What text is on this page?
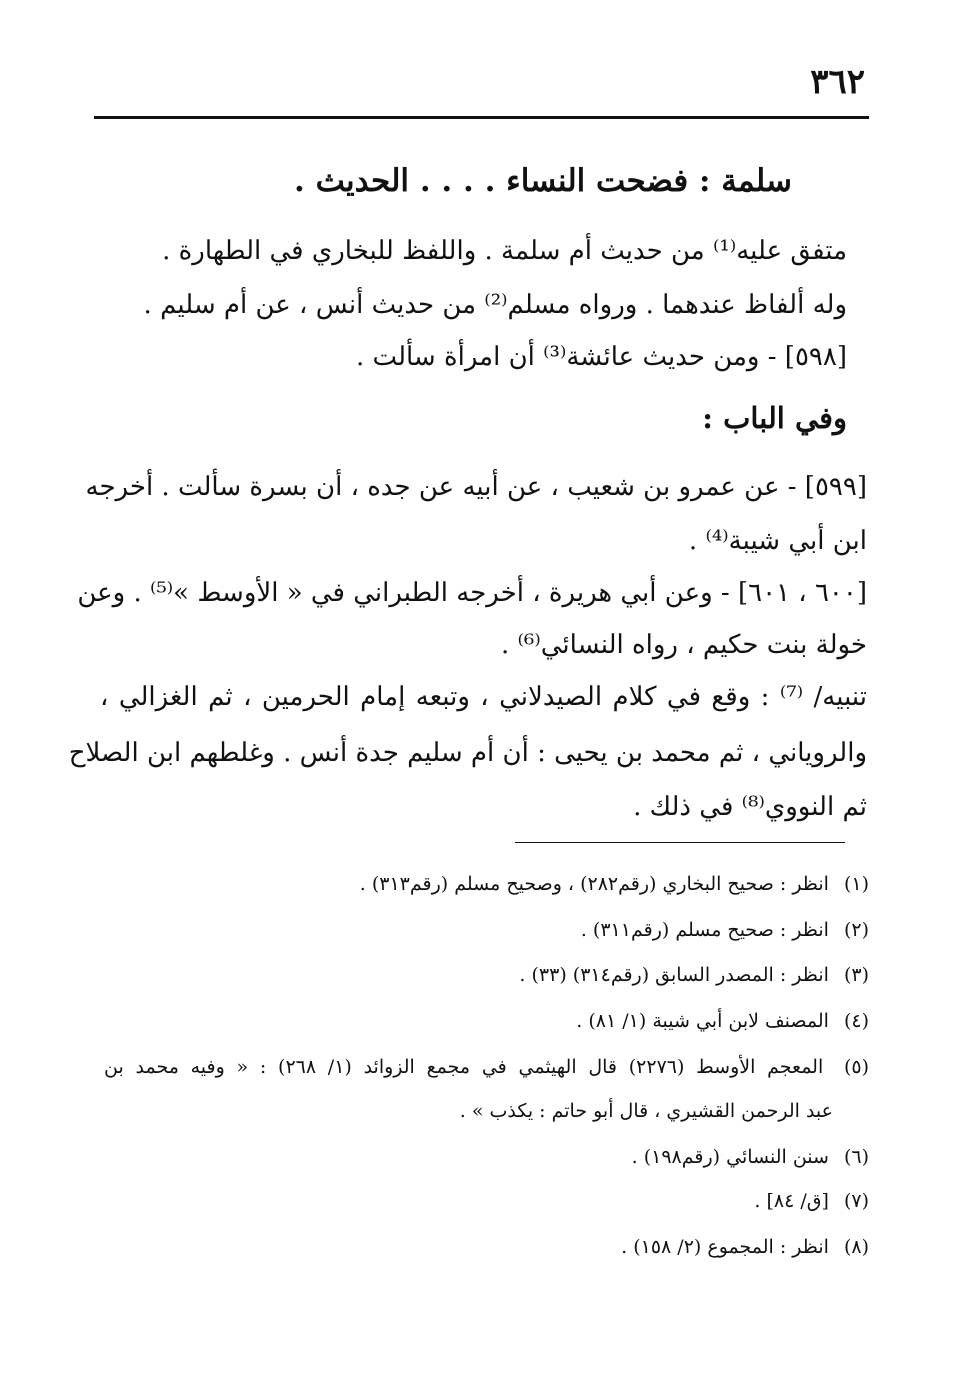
٣٦٢
سلمة : فضحت النساء . . . . الحديث .
متفق عليه⁽¹⁾ من حديث أم سلمة . واللفظ للبخاري في الطهارة .
وله ألفاظ عندهما . ورواه مسلم⁽²⁾ من حديث أنس ، عن أم سليم .
[٥٩٨] - ومن حديث عائشة⁽³⁾ أن امرأة سألت .
وفي الباب :
[٥٩٩] - عن عمرو بن شعيب ، عن أبيه عن جده ، أن بسرة سألت . أخرجه
ابن أبي شيبة⁽⁴⁾ .
[٦٠٠ ، ٦٠١] - وعن أبي هريرة ، أخرجه الطبراني في « الأوسط »⁽⁵⁾ . وعن
خولة بنت حكيم ، رواه النسائي⁽⁶⁾ .
تنبيه/ ⁽⁷⁾ : وقع في كلام الصيدلاني ، وتبعه إمام الحرمين ، ثم الغزالي ،
والروياني ، ثم محمد بن يحيى : أن أم سليم جدة أنس . وغلطهم ابن الصلاح
ثم النووي⁽⁸⁾ في ذلك .
(١) انظر : صحيح البخاري (رقم٢٨٢) ، وصحيح مسلم (رقم٣١٣) .
(٢) انظر : صحيح مسلم (رقم٣١١) .
(٣) انظر : المصدر السابق (رقم٣١٤) (٣٣) .
(٤) المصنف لابن أبي شيبة (١/ ٨١) .
(٥) المعجم الأوسط (٢٢٧٦) قال الهيثمي في مجمع الزوائد (١/ ٢٦٨) : « وفيه محمد بن
عبد الرحمن القشيري ، قال أبو حاتم : يكذب » .
(٦) سنن النسائي (رقم١٩٨) .
(٧) [ق/ ٨٤] .
(٨) انظر : المجموع (٢/ ١٥٨) .
